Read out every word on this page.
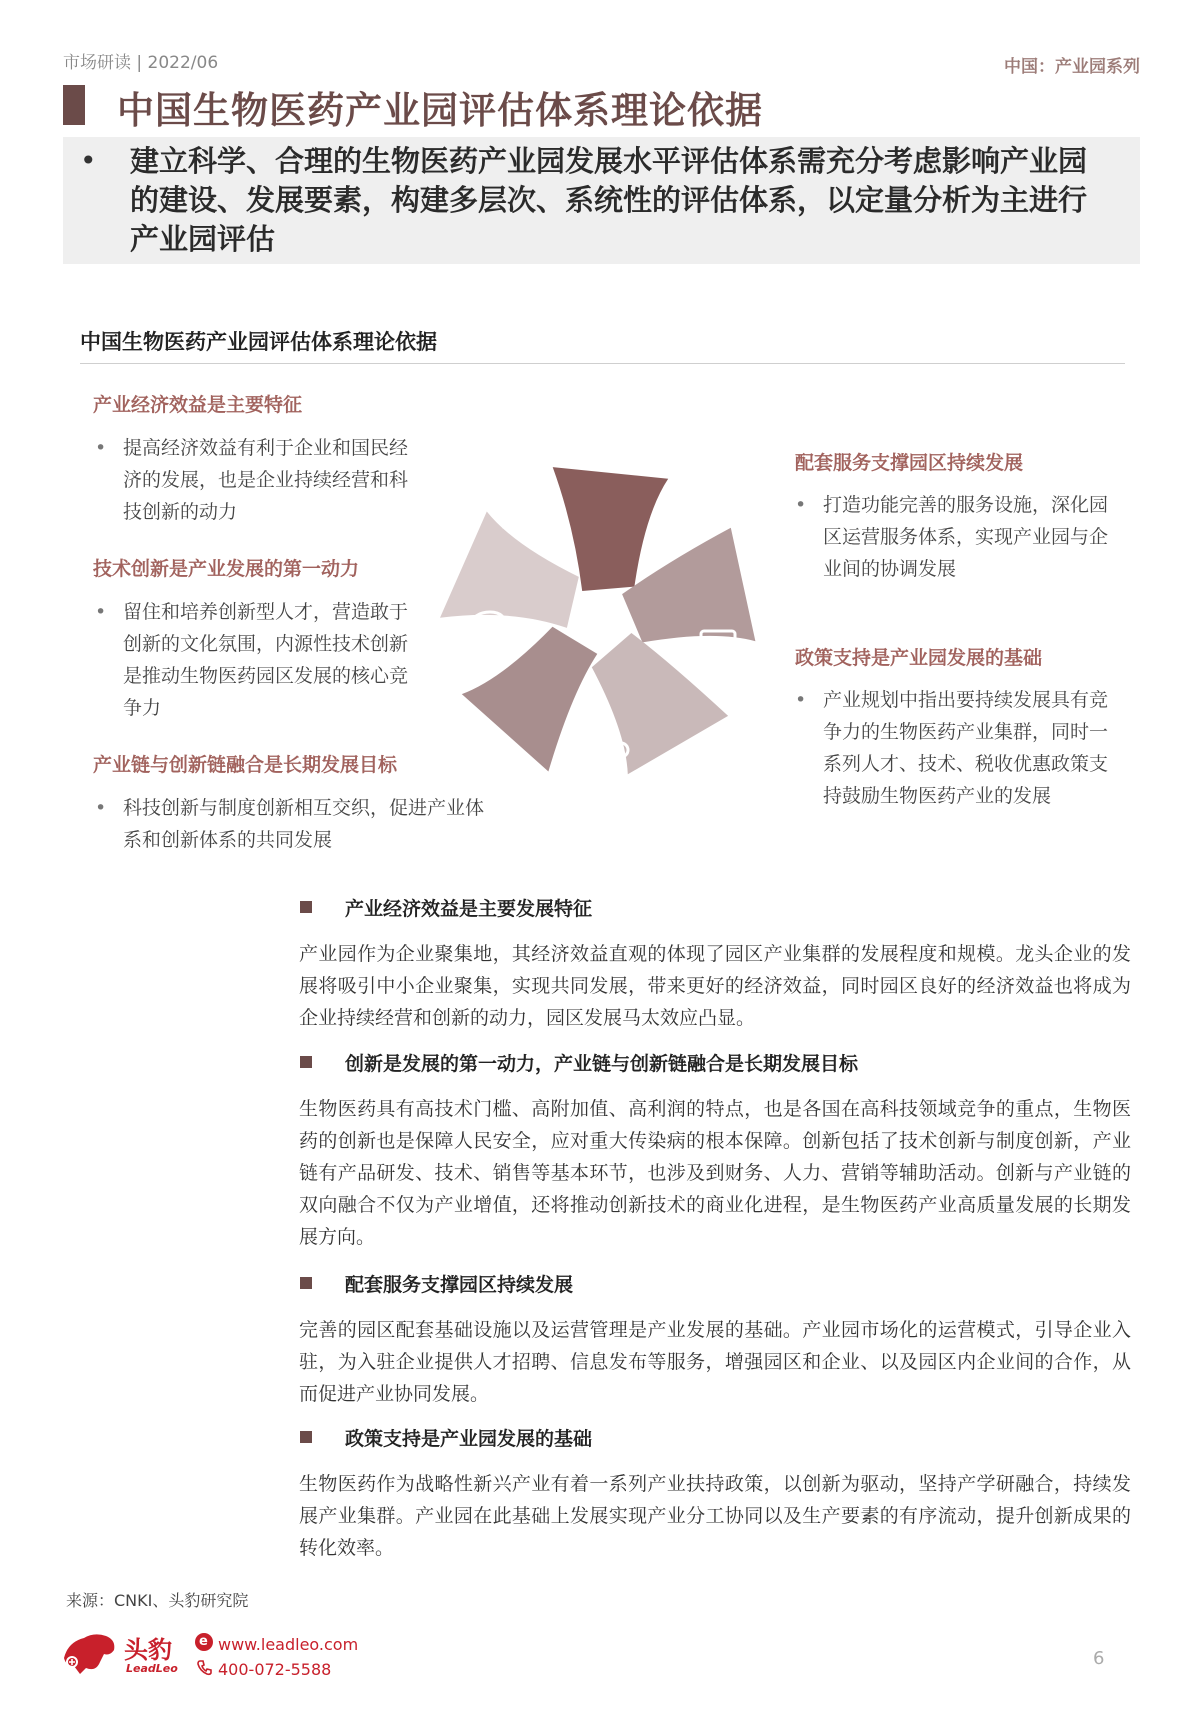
市场研读 | 2022/06	中国：产业园系列
中国生物医药产业园评估体系理论依据
• 建立科学、合理的生物医药产业园发展水平评估体系需充分考虑影响产业园的建设、发展要素，构建多层次、系统性的评估体系，以定量分析为主进行产业园评估
中国生物医药产业园评估体系理论依据
产业经济效益是主要特征
• 提高经济效益有利于企业和国民经济的发展，也是企业持续经营和科技创新的动力
技术创新是产业发展的第一动力
• 留住和培养创新型人才，营造敢于创新的文化氛围，内源性技术创新是推动生物医药园区发展的核心竞争力
产业链与创新链融合是长期发展目标
• 科技创新与制度创新相互交织，促进产业体系和创新体系的共同发展
配套服务支撑园区持续发展
• 打造功能完善的服务设施，深化园区运营服务体系，实现产业园与企业间的协调发展
政策支持是产业园发展的基础
• 产业规划中指出要持续发展具有竞争力的生物医药产业集群，同时一系列人才、技术、税收优惠政策支持鼓励生物医药产业的发展
产业经济效益是主要发展特征
产业园作为企业聚集地，其经济效益直观的体现了园区产业集群的发展程度和规模。龙头企业的发展将吸引中小企业聚集，实现共同发展，带来更好的经济效益，同时园区良好的经济效益也将成为企业持续经营和创新的动力，园区发展马太效应凸显。
创新是发展的第一动力，产业链与创新链融合是长期发展目标
生物医药具有高技术门槛、高附加值、高利润的特点，也是各国在高科技领域竞争的重点，生物医药的创新也是保障人民安全，应对重大传染病的根本保障。创新包括了技术创新与制度创新，产业链有产品研发、技术、销售等基本环节，也涉及到财务、人力、营销等辅助活动。创新与产业链的双向融合不仅为产业增值，还将推动创新技术的商业化进程，是生物医药产业高质量发展的长期发展方向。
配套服务支撑园区持续发展
完善的园区配套基础设施以及运营管理是产业发展的基础。产业园市场化的运营模式，引导企业入驻，为入驻企业提供人才招聘、信息发布等服务，增强园区和企业、以及园区内企业间的合作，从而促进产业协同发展。
政策支持是产业园发展的基础
生物医药作为战略性新兴产业有着一系列产业扶持政策，以创新为驱动，坚持产学研融合，持续发展产业集群。产业园在此基础上发展实现产业分工协同以及生产要素的有序流动，提升创新成果的转化效率。
来源：CNKI、头豹研究院
头豹
LeadLeo
e www.leadleo.com
400-072-5588
6
